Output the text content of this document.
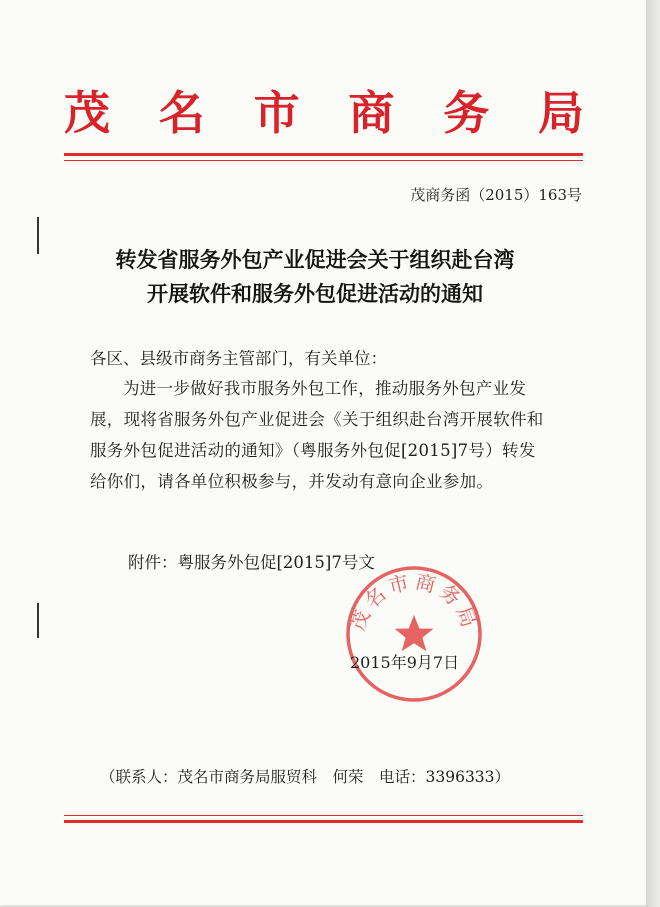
茂 名 市 商 务 局
茂商务函（2015）163号
转发省服务外包产业促进会关于组织赴台湾
开展软件和服务外包促进活动的通知
各区、县级市商务主管部门，有关单位：
为进一步做好我市服务外包工作，推动服务外包产业发展，现将省服务外包产业促进会《关于组织赴台湾开展软件和服务外包促进活动的通知》（粤服务外包促[2015]7号）转发给你们，请各单位积极参与，并发动有意向企业参加。
附件：粤服务外包促[2015]7号文
茂名市商务局
2015年9月7日
（联系人：茂名市商务局服贸科　何荣　电话：3396333）
